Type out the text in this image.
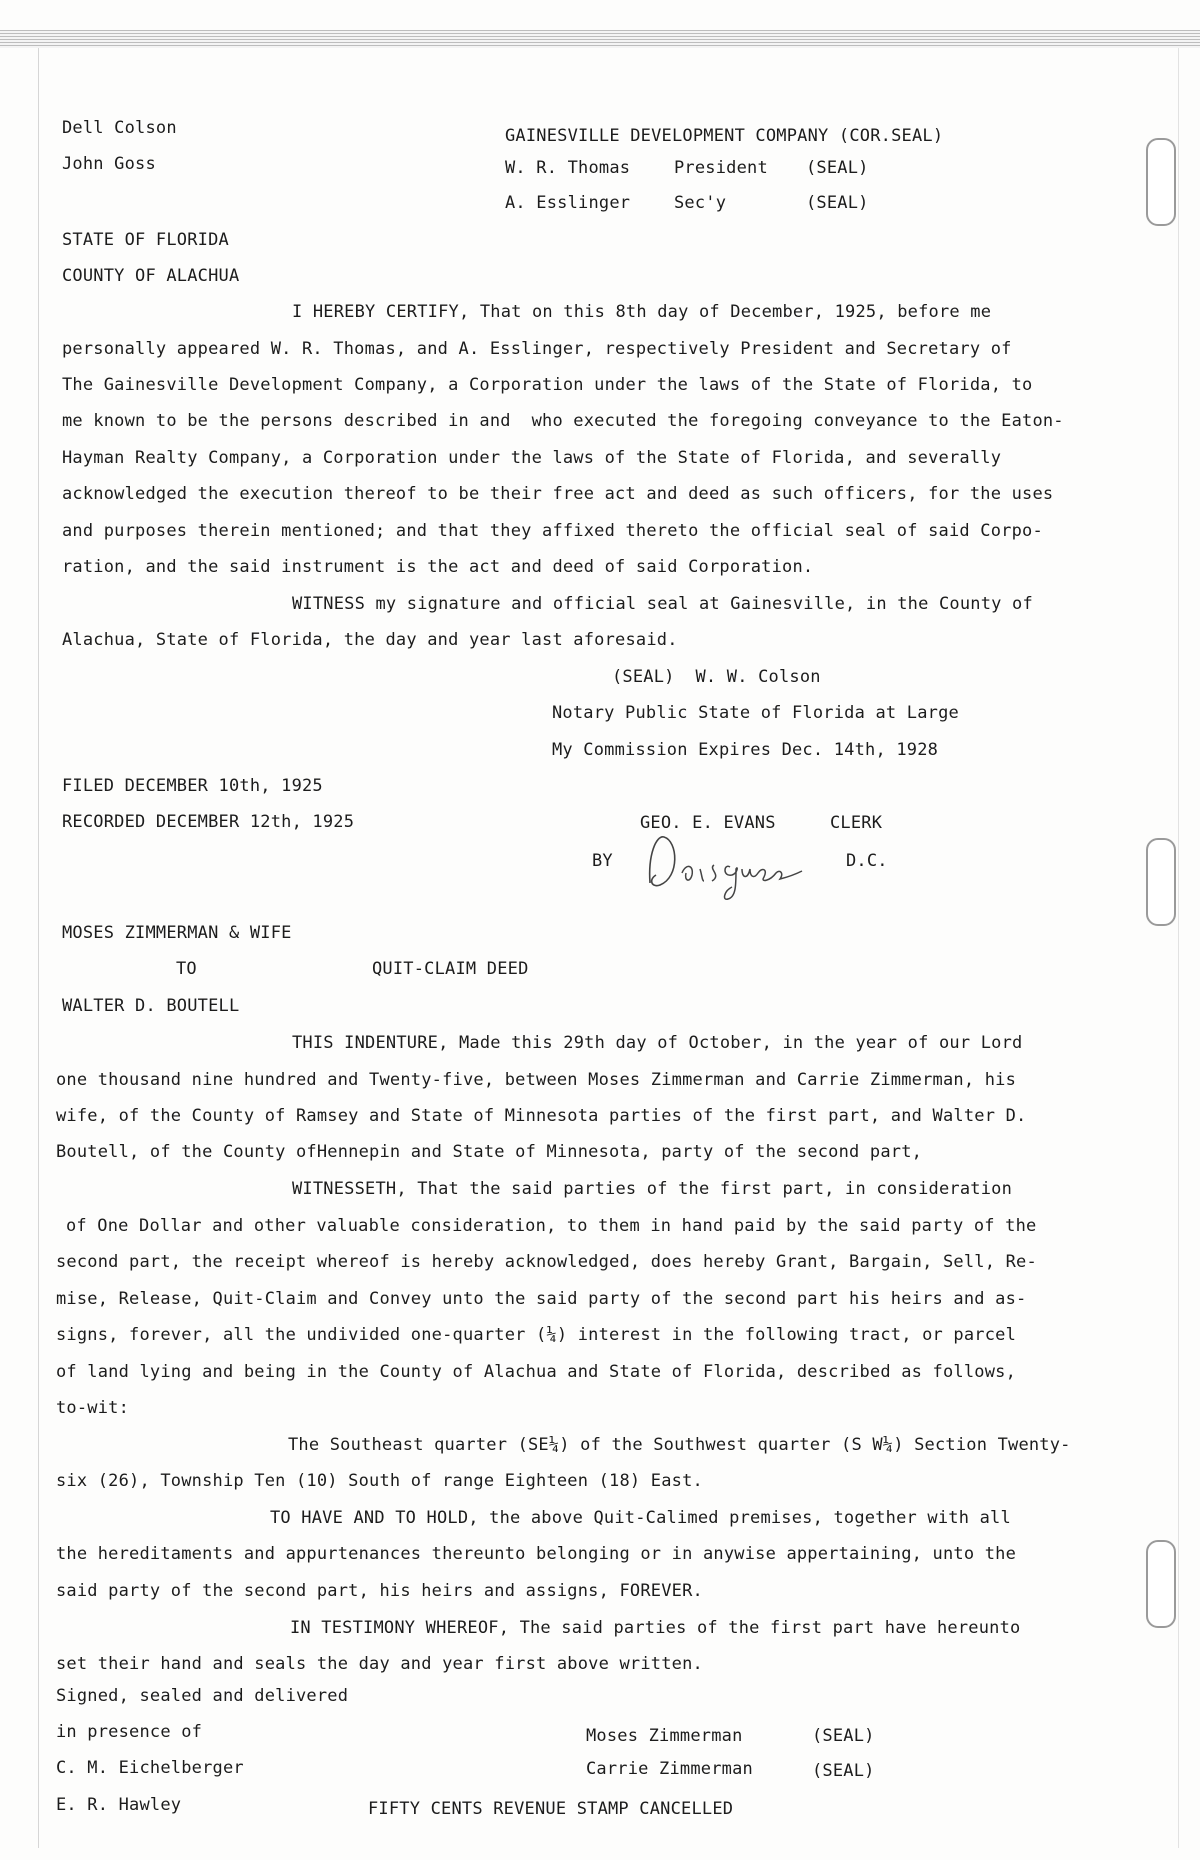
Dell Colson
John Goss
GAINESVILLE DEVELOPMENT COMPANY (COR.SEAL)
W. R. Thomas	President (SEAL)
A. Esslinger	Sec'y	(SEAL)
STATE OF FLORIDA
COUNTY OF ALACHUA
I HEREBY CERTIFY, That on this 8th day of December, 1925, before me
personally appeared W. R. Thomas, and A. Esslinger, respectively President and Secretary of
The Gainesville Development Company, a Corporation under the laws of the State of Florida, to
me known to be the persons described in and  who executed the foregoing conveyance to the Eaton-
Hayman Realty Company, a Corporation under the laws of the State of Florida, and severally
acknowledged the execution thereof to be their free act and deed as such officers, for the uses
and purposes therein mentioned; and that they affixed thereto the official seal of said Corpo-
ration, and the said instrument is the act and deed of said Corporation.
WITNESS my signature and official seal at Gainesville, in the County of
Alachua, State of Florida, the day and year last aforesaid.
(SEAL)  W. W. Colson
Notary Public State of Florida at Large
My Commission Expires Dec. 14th, 1928
FILED DECEMBER 10th, 1925
RECORDED DECEMBER 12th, 1925	GEO. E. EVANS	CLERK
BY	D.C.
MOSES ZIMMERMAN & WIFE
TO	QUIT-CLAIM DEED
WALTER D. BOUTELL
THIS INDENTURE, Made this 29th day of October, in the year of our Lord
one thousand nine hundred and Twenty-five, between Moses Zimmerman and Carrie Zimmerman, his
wife, of the County of Ramsey and State of Minnesota parties of the first part, and Walter D.
Boutell, of the County ofHennepin and State of Minnesota, party of the second part,
WITNESSETH, That the said parties of the first part, in consideration
of One Dollar and other valuable consideration, to them in hand paid by the said party of the
second part, the receipt whereof is hereby acknowledged, does hereby Grant, Bargain, Sell, Re-
mise, Release, Quit-Claim and Convey unto the said party of the second part his heirs and as-
signs, forever, all the undivided one-quarter (¼) interest in the following tract, or parcel
of land lying and being in the County of Alachua and State of Florida, described as follows,
to-wit:
The Southeast quarter (SE¼) of the Southwest quarter (S W¼) Section Twenty-
six (26), Township Ten (10) South of range Eighteen (18) East.
TO HAVE AND TO HOLD, the above Quit-Calimed premises, together with all
the hereditaments and appurtenances thereunto belonging or in anywise appertaining, unto the
said party of the second part, his heirs and assigns, FOREVER.
IN TESTIMONY WHEREOF, The said parties of the first part have hereunto
set their hand and seals the day and year first above written.
Signed, sealed and delivered
in presence of	Moses Zimmerman	(SEAL)
C. M. Eichelberger	Carrie Zimmerman	(SEAL)
E. R. Hawley	FIFTY CENTS REVENUE STAMP CANCELLED
